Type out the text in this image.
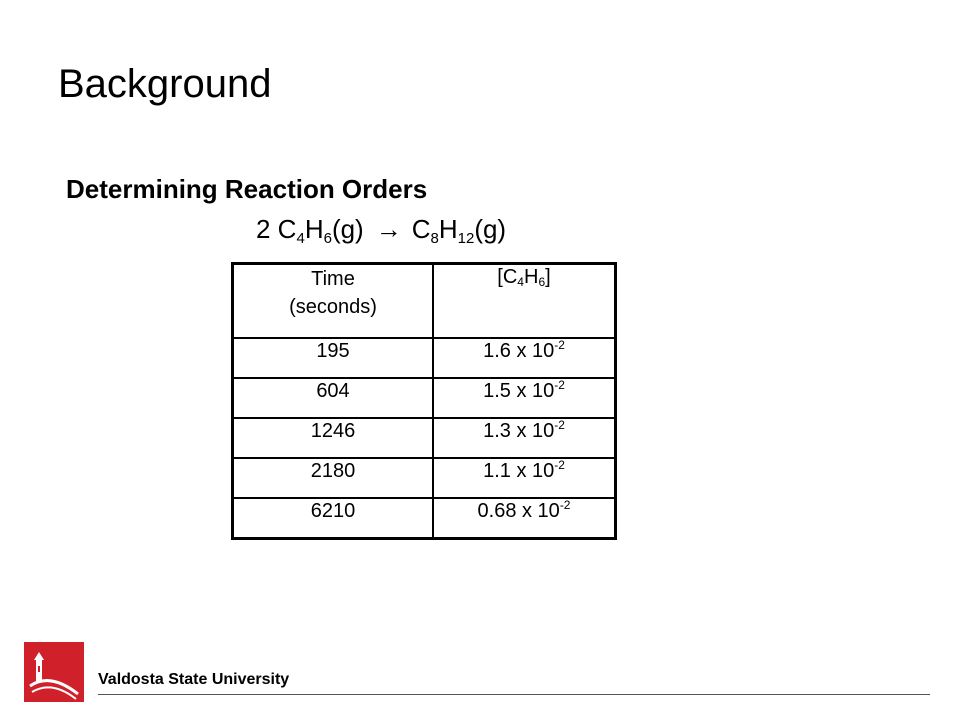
Background
Determining Reaction Orders
2 $C_4H_6(g) \to C_8H_{12}(g)$
Time
(seconds)	$[C_4H_6]$
195	1.6 x $10^{-2}$
604	1.5 x $10^{-2}$
1246	1.3 x $10^{-2}$
2180	1.1 x $10^{-2}$
6210	0.68 x $10^{-2}$
Valdosta State University
